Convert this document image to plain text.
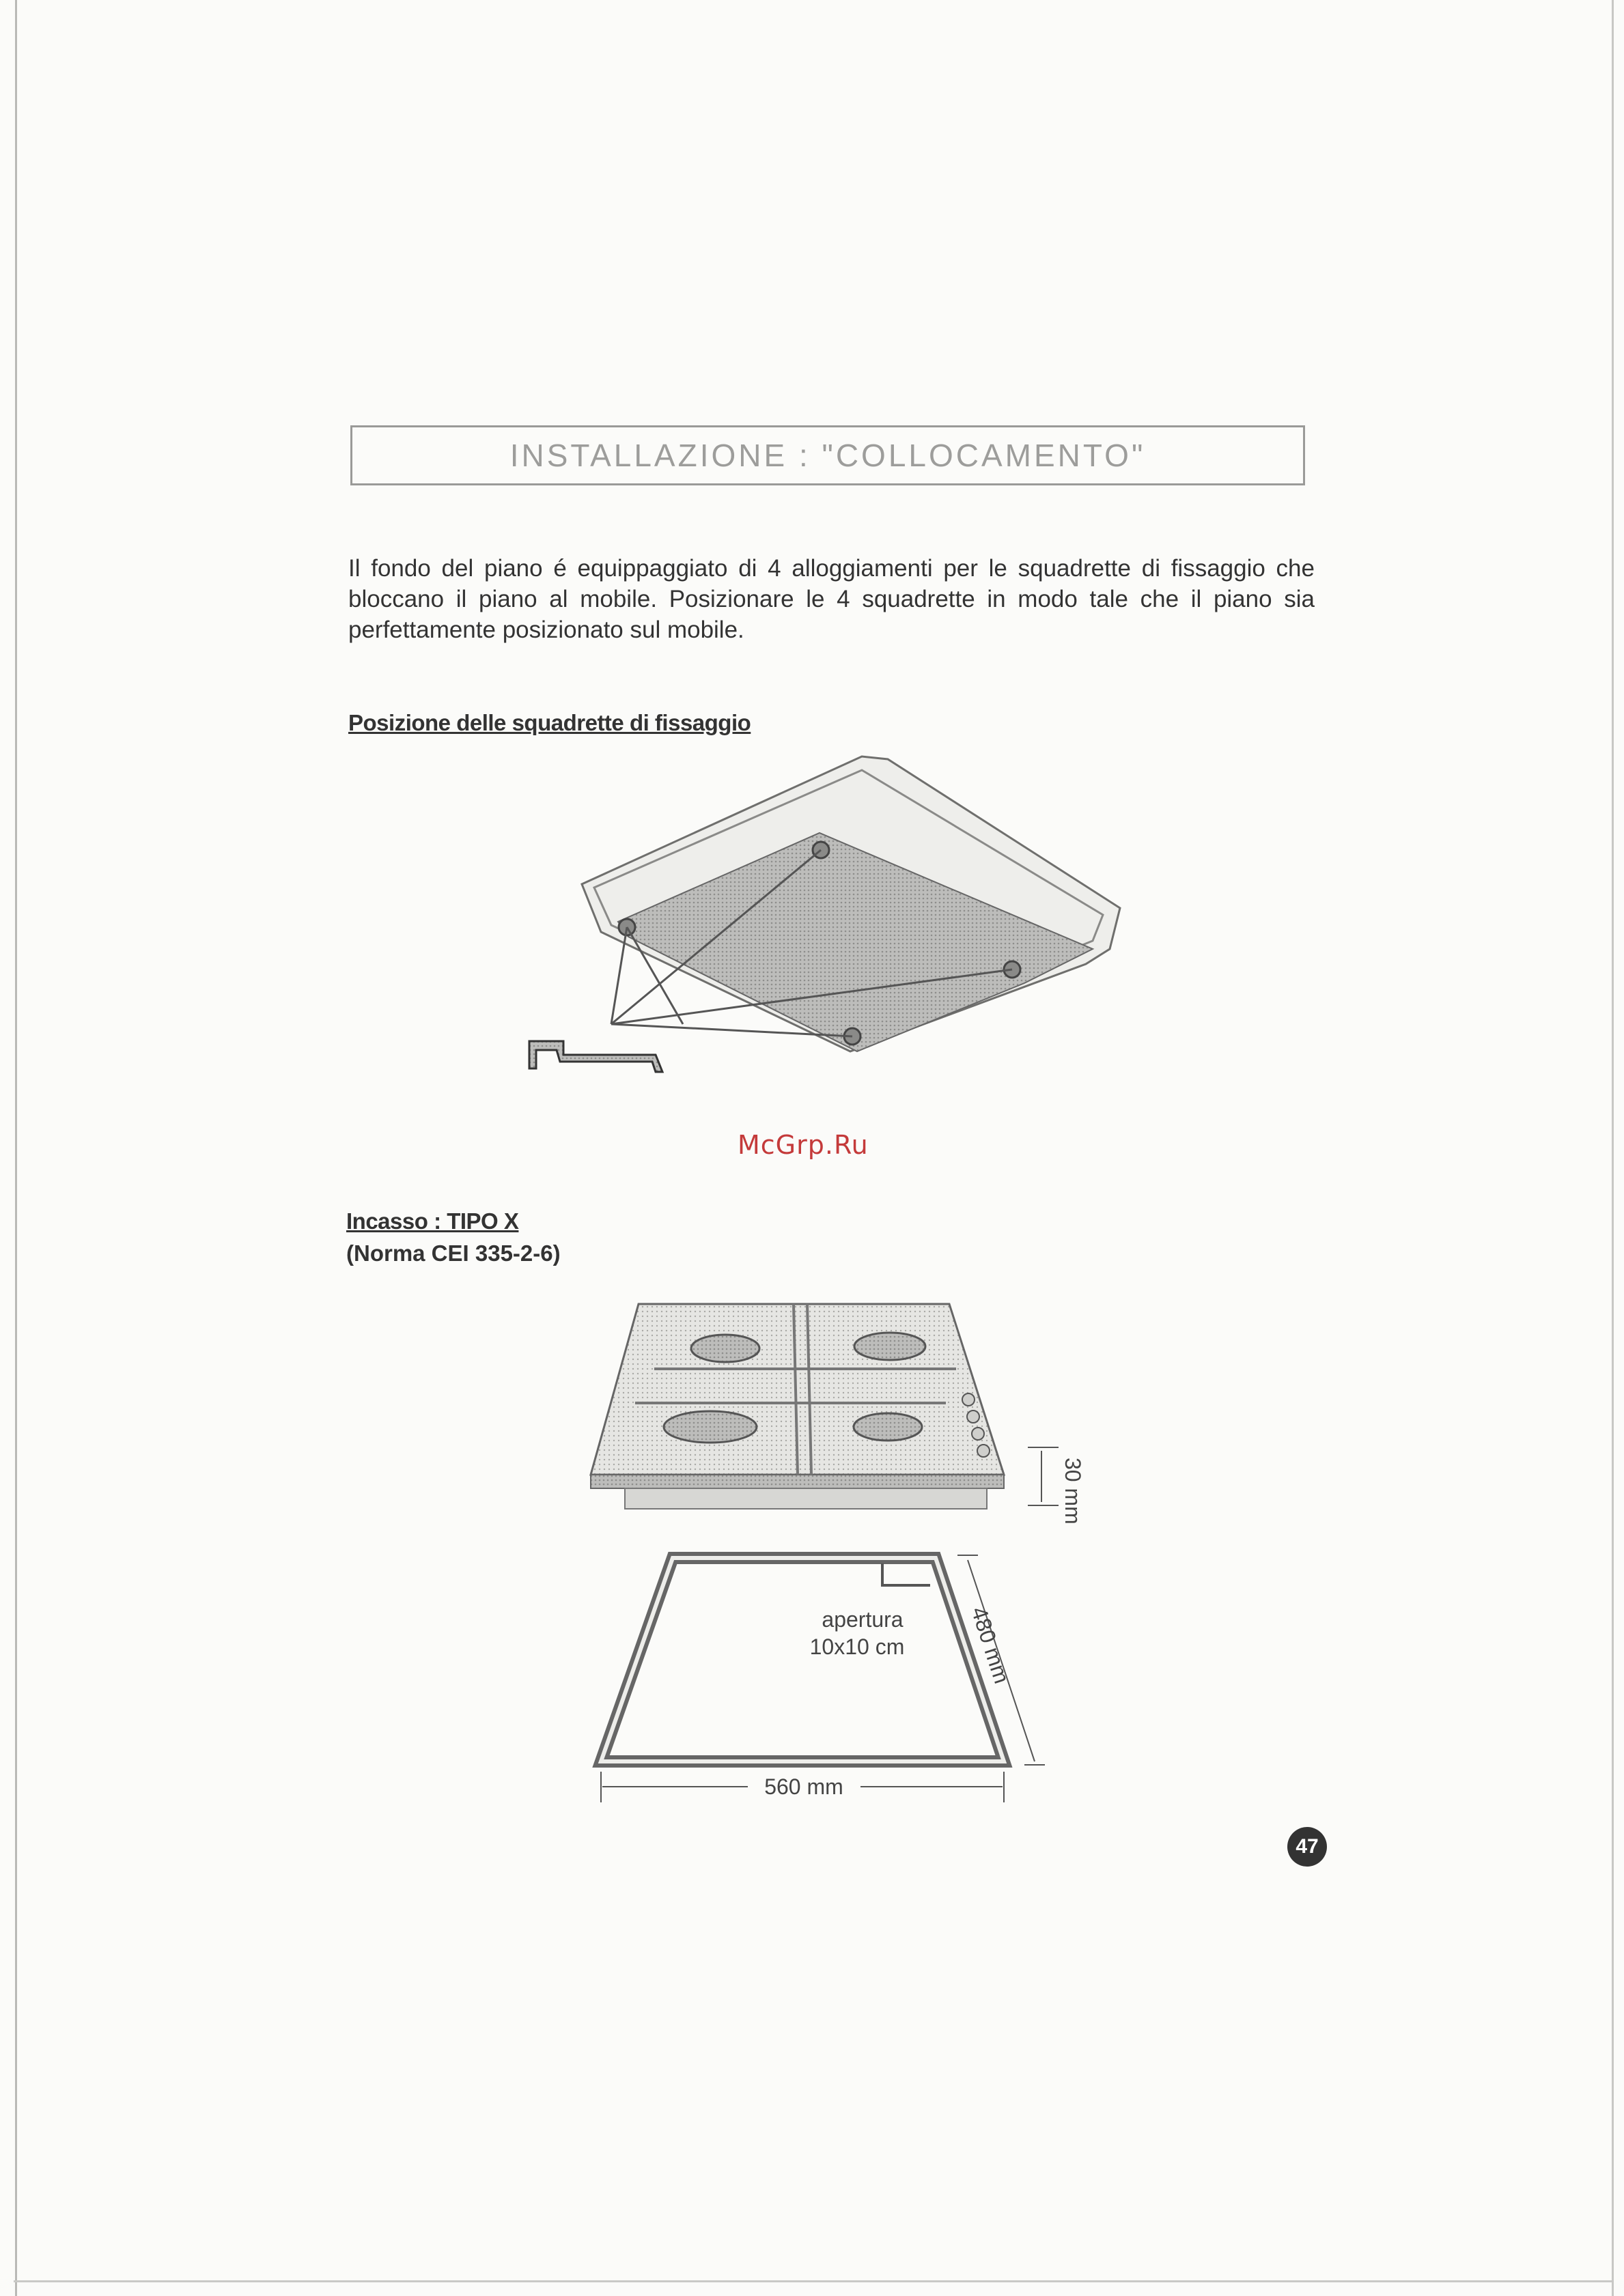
INSTALLAZIONE : "COLLOCAMENTO"
Il fondo del piano é equippaggiato di 4 alloggiamenti per le squadrette di fissaggio che bloccano il piano al mobile. Posizionare le 4 squadrette in modo tale che il piano sia perfettamente posizionato sul mobile.
Posizione delle squadrette di fissaggio
McGrp.Ru
Incasso : TIPO X
(Norma CEI 335-2-6)
30 mm
apertura
10x10 cm	480 mm
560 mm
47
